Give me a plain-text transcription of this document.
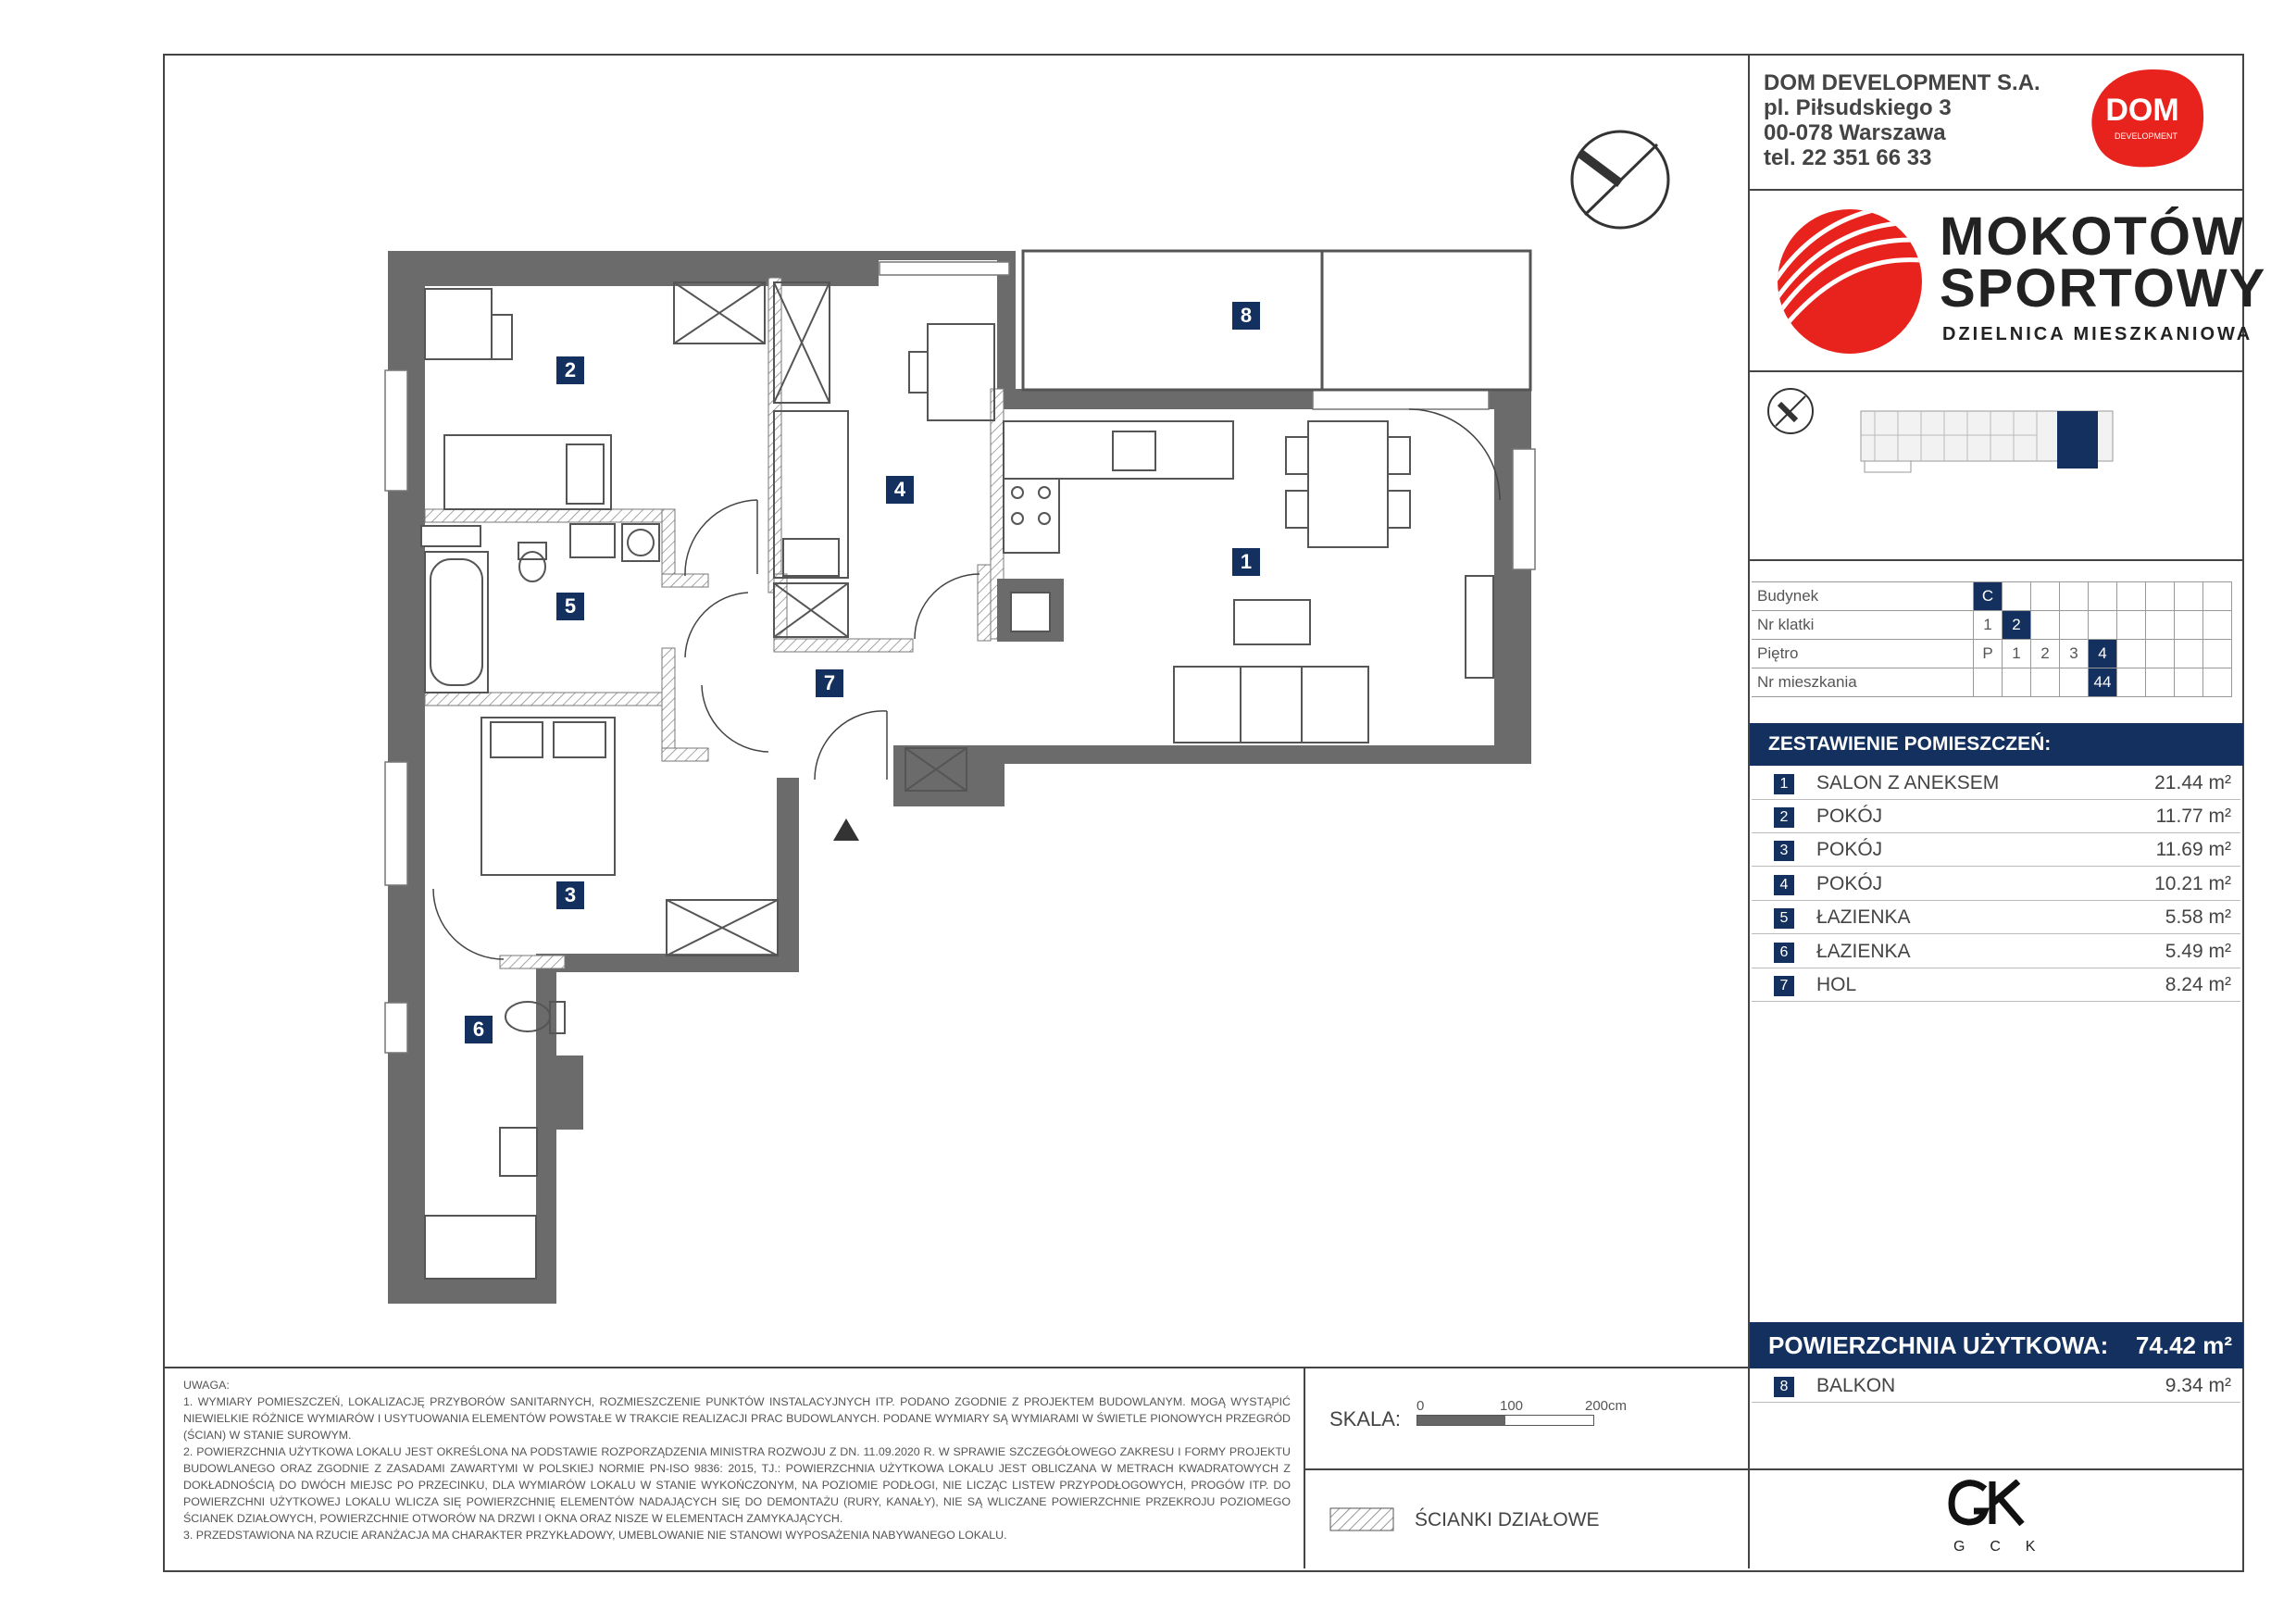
DOM DEVELOPMENT S.A.
pl. Piłsudskiego 3
00-078 Warszawa
tel. 22 351 66 33
DOM
DEVELOPMENT
MOKOTÓW
SPORTOWY
DZIELNICA MIESZKANIOWA
Budynek	C								
Nr klatki	1	2							
Piętro	P	1	2	3	4				
Nr mieszkania					44				
ZESTAWIENIE POMIESZCZEŃ:
1	SALON Z ANEKSEM	21.44 m²
2	POKÓJ	11.77 m²
3	POKÓJ	11.69 m²
4	POKÓJ	10.21 m²
5	ŁAZIENKA	5.58 m²
6	ŁAZIENKA	5.49 m²
7	HOL	8.24 m²
POWIERZCHNIA UŻYTKOWA: 74.42 m²
8	BALKON	9.34 m²

UWAGA:

1. WYMIARY POMIESZCZEŃ, LOKALIZACJĘ PRZYBORÓW SANITARNYCH, ROZMIESZCZENIE PUNKTÓW INSTALACYJNYCH ITP. PODANO ZGODNIE Z PROJEKTEM BUDOWLANYM. MOGĄ WYSTĄPIĆ NIEWIELKIE RÓŻNICE WYMIARÓW I USYTUOWANIA ELEMENTÓW POWSTAŁE W TRAKCIE REALIZACJI PRAC BUDOWLANYCH. PODANE WYMIARY SĄ WYMIARAMI W ŚWIETLE PIONOWYCH PRZEGRÓD (ŚCIAN) W STANIE SUROWYM.

2. POWIERZCHNIA UŻYTKOWA LOKALU JEST OKREŚLONA NA PODSTAWIE ROZPORZĄDZENIA MINISTRA ROZWOJU Z DN. 11.09.2020 R. W SPRAWIE SZCZEGÓŁOWEGO ZAKRESU I FORMY PROJEKTU BUDOWLANEGO ORAZ ZGODNIE Z ZASADAMI ZAWARTYMI W POLSKIEJ NORMIE PN-ISO 9836: 2015, TJ.: POWIERZCHNIA UŻYTKOWA LOKALU JEST OBLICZANA W METRACH KWADRATOWYCH Z DOKŁADNOŚCIĄ DO DWÓCH MIEJSC PO PRZECINKU, DLA WYMIARÓW LOKALU W STANIE WYKOŃCZONYM, NA POZIOMIE PODŁOGI, NIE LICZĄC LISTEW PRZYPODŁOGOWYCH, PROGÓW ITP. DO POWIERZCHNI UŻYTKOWEJ LOKALU WLICZA SIĘ POWIERZCHNIĘ ELEMENTÓW NADAJĄCYCH SIĘ DO DEMONTAŻU (RURY, KANAŁY), NIE SĄ WLICZANE POWIERZCHNIE PRZEKROJU POZIOMEGO ŚCIANEK DZIAŁOWYCH, POWIERZCHNIE OTWORÓW NA DRZWI I OKNA ORAZ NISZE W ELEMENTACH ZAMYKAJĄCYCH.

3. PRZEDSTAWIONA NA RZUCIE ARANŻACJA MA CHARAKTER PRZYKŁADOWY, UMEBLOWANIE NIE STANOWI WYPOSAŻENIA NABYWANEGO LOKALU.

SKALA:
0	100	200cm
ŚCIANKI DZIAŁOWE
G  C  K
1
2
3
4
5
6
7
8
